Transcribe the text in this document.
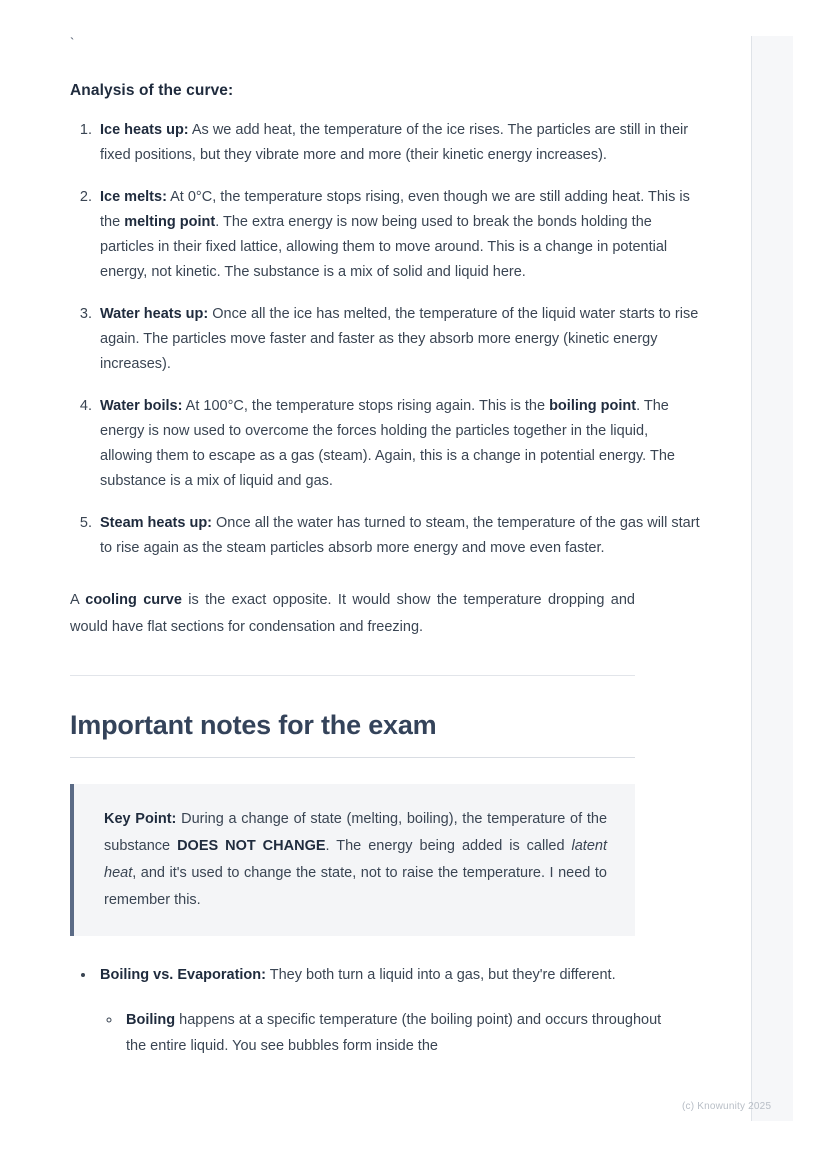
`
Analysis of the curve:
1. Ice heats up: As we add heat, the temperature of the ice rises. The particles are still in their fixed positions, but they vibrate more and more (their kinetic energy increases).
2. Ice melts: At 0°C, the temperature stops rising, even though we are still adding heat. This is the melting point. The extra energy is now being used to break the bonds holding the particles in their fixed lattice, allowing them to move around. This is a change in potential energy, not kinetic. The substance is a mix of solid and liquid here.
3. Water heats up: Once all the ice has melted, the temperature of the liquid water starts to rise again. The particles move faster and faster as they absorb more energy (kinetic energy increases).
4. Water boils: At 100°C, the temperature stops rising again. This is the boiling point. The energy is now used to overcome the forces holding the particles together in the liquid, allowing them to escape as a gas (steam). Again, this is a change in potential energy. The substance is a mix of liquid and gas.
5. Steam heats up: Once all the water has turned to steam, the temperature of the gas will start to rise again as the steam particles absorb more energy and move even faster.

A cooling curve is the exact opposite. It would show the temperature dropping and would have flat sections for condensation and freezing.

Important notes for the exam

Key Point: During a change of state (melting, boiling), the temperature of the substance DOES NOT CHANGE. The energy being added is called latent heat, and it's used to change the state, not to raise the temperature. I need to remember this.

• Boiling vs. Evaporation: They both turn a liquid into a gas, but they're different.
◦ Boiling happens at a specific temperature (the boiling point) and occurs throughout the entire liquid. You see bubbles form inside the
(c) Knowunity 2025
